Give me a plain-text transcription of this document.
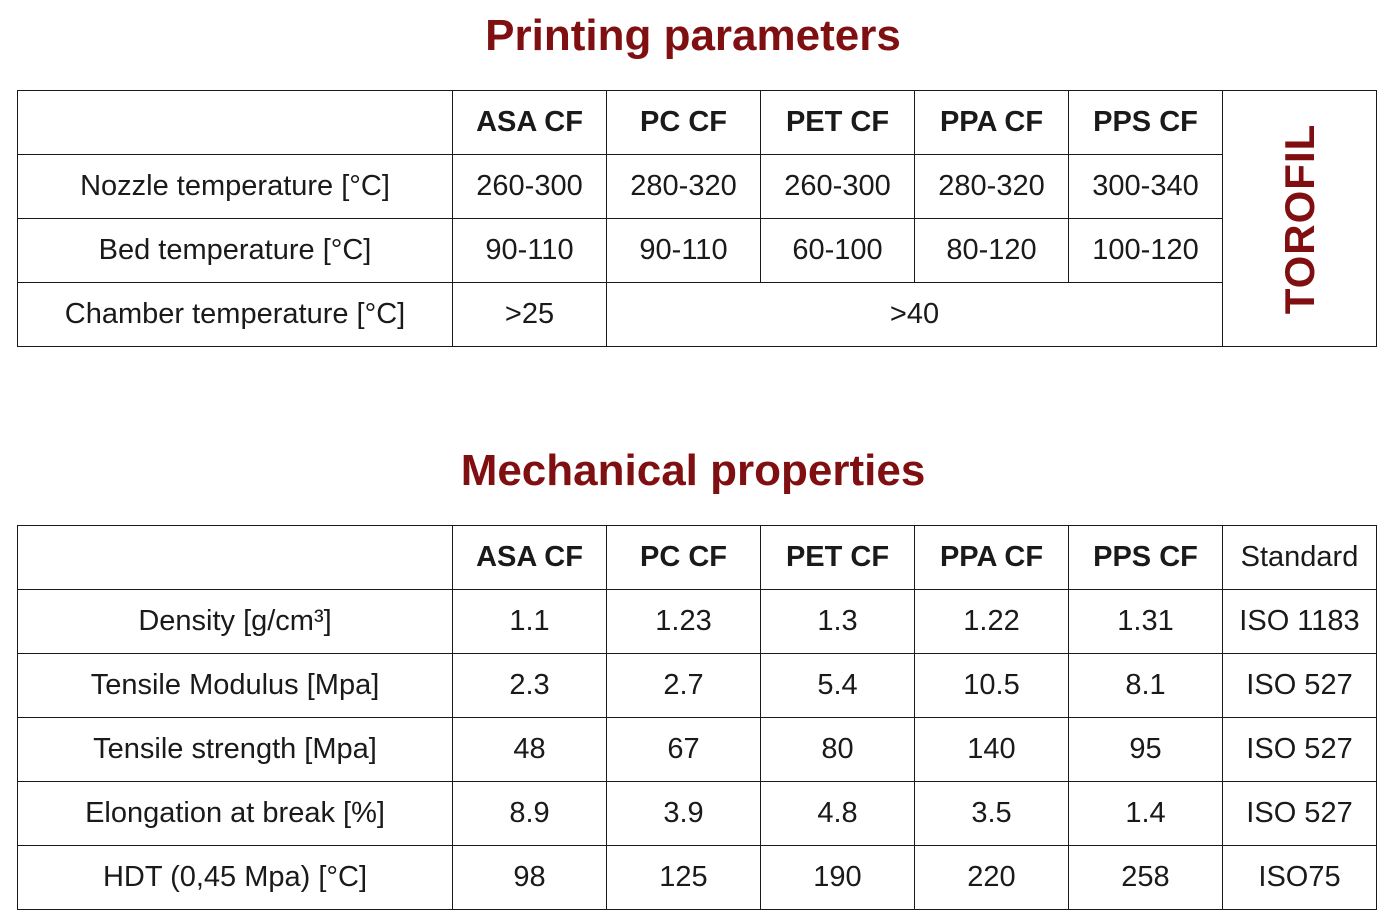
Printing parameters
	ASA CF	PC CF	PET CF	PPA CF	PPS CF	TOROFIL

Nozzle temperature [°C]	260-300	280-320	260-300	280-320	300-340	
Bed temperature [°C]	90-110	90-110	60-100	80-120	100-120	
Chamber temperature [°C]	>25	>40				
Mechanical properties
	ASA CF	PC CF	PET CF	PPA CF	PPS CF	Standard
Density [g/cm³]	1.1	1.23	1.3	1.22	1.31	ISO 1183
Tensile Modulus [Mpa]	2.3	2.7	5.4	10.5	8.1	ISO 527
Tensile strength [Mpa]	48	67	80	140	95	ISO 527
Elongation at break [%]	8.9	3.9	4.8	3.5	1.4	ISO 527
HDT (0,45 Mpa) [°C]	98	125	190	220	258	ISO75
